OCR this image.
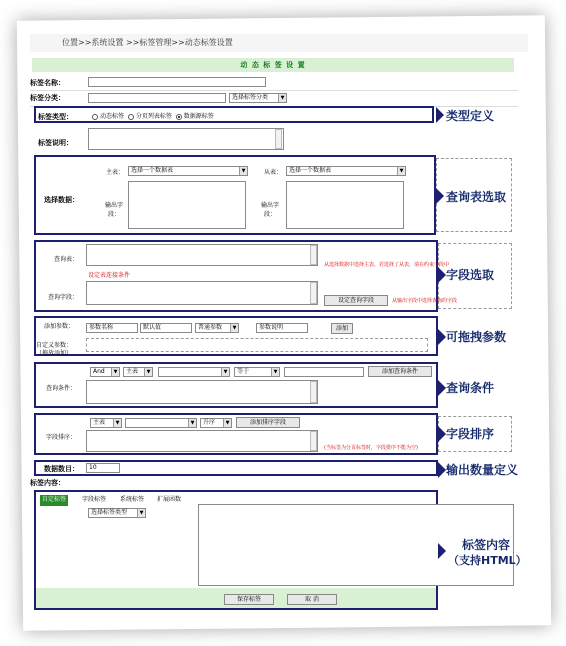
位置>>系统设置 >>标签管理>>动态标签设置
动 态 标 签 设 置
标签名称：
标签分类：	选择标签分类	▼
标签类型：	动态标签 分页列表标签 数据源标签
标签说明：
选择数据：
主表：	选择一个数据表	▼	从表：	选择一个数据表	▼
输出字段：
输出字段：
查询表：
从选择数据中选择主表，若选择了从表，请在约束字段中
设定表连接条件
查询字段：	设定查询字段	从输出字段中选择查询的字段
添加参数：	参数名称	默认值	普通参数	▼	参数说明	添加
自定义参数：
（拖放添加）
And	▼	主表	▼	▼	等于	▼	添加查询条件
查询条件：
主表	▼	▼	升序	▼	添加排序字段
字段排序：
(当标签为分页标签时，字段排序不能为空)
数据数目：	10
标签内容：
自定标签	字段标签	系统标签	扩展函数
选择标签类型	▼
保存标签	取 消
类型定义
查询表选取
字段选取
可拖拽参数
查询条件
字段排序
输出数量定义
标签内容
（支持HTML）
